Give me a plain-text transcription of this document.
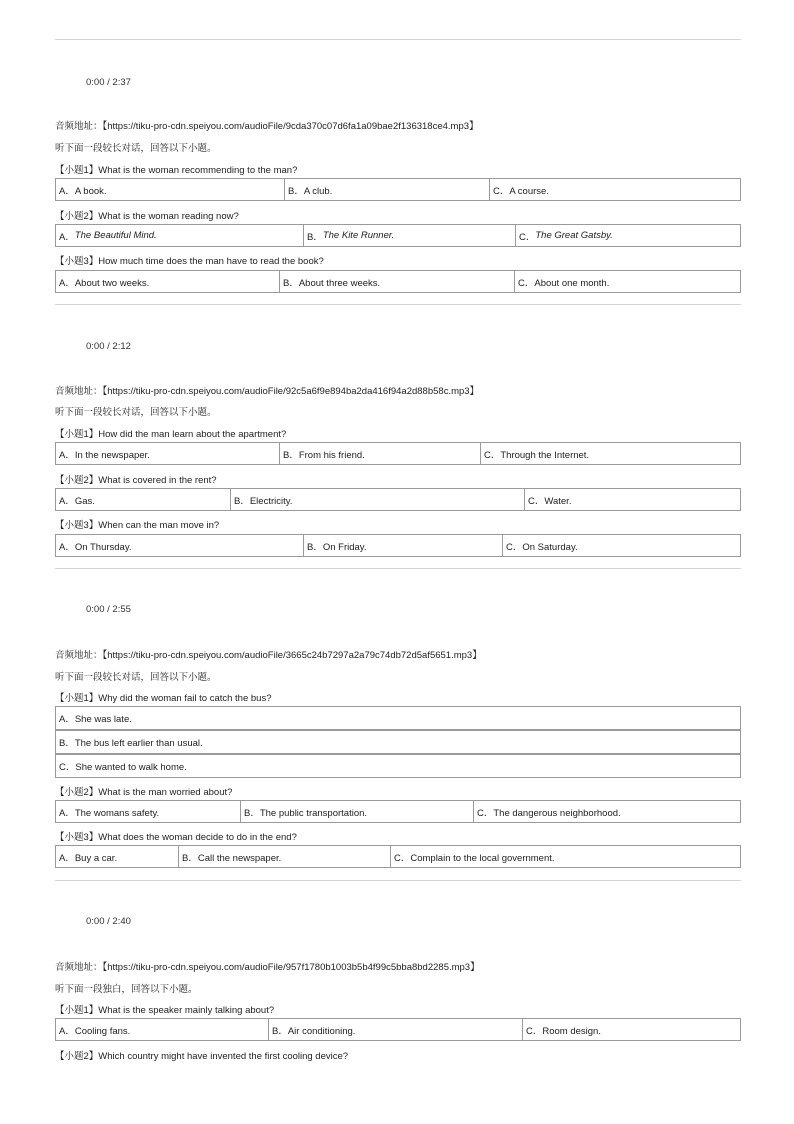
0:00 / 2:37
音频地址：【https://tiku-pro-cdn.speiyou.com/audioFile/9cda370c07d6fa1a09bae2f136318ce4.mp3】
听下面一段较长对话，回答以下小题。
【小题1】What is the woman recommending to the man?
A．A book.	B．A club.	C．A course.
【小题2】What is the woman reading now?
A． The Beautiful Mind.	B． The Kite Runner.	C． The Great Gatsby.
【小题3】How much time does the man have to read the book?
A．About two weeks.	B．About three weeks.	C．About one month.
0:00 / 2:12
音频地址：【https://tiku-pro-cdn.speiyou.com/audioFile/92c5a6f9e894ba2da416f94a2d88b58c.mp3】
听下面一段较长对话，回答以下小题。
【小题1】How did the man learn about the apartment?
A．In the newspaper.	B．From his friend.	C．Through the Internet.
【小题2】What is covered in the rent?
A．Gas.	B．Electricity.	C．Water.
【小题3】When can the man move in?
A．On Thursday.	B．On Friday.	C．On Saturday.
0:00 / 2:55
音频地址：【https://tiku-pro-cdn.speiyou.com/audioFile/3665c24b7297a2a79c74db72d5af5651.mp3】
听下面一段较长对话，回答以下小题。
【小题1】Why did the woman fail to catch the bus?
A．She was late.
B．The bus left earlier than usual.
C．She wanted to walk home.
【小题2】What is the man worried about?
A．The womans safety.	B．The public transportation.	C．The dangerous neighborhood.
【小题3】What does the woman decide to do in the end?
A．Buy a car.	B．Call the newspaper.	C．Complain to the local government.
0:00 / 2:40
音频地址：【https://tiku-pro-cdn.speiyou.com/audioFile/957f1780b1003b5b4f99c5bba8bd2285.mp3】
听下面一段独白，回答以下小题。
【小题1】What is the speaker mainly talking about?
A．Cooling fans.	B．Air conditioning.	C．Room design.
【小题2】Which country might have invented the first cooling device?
